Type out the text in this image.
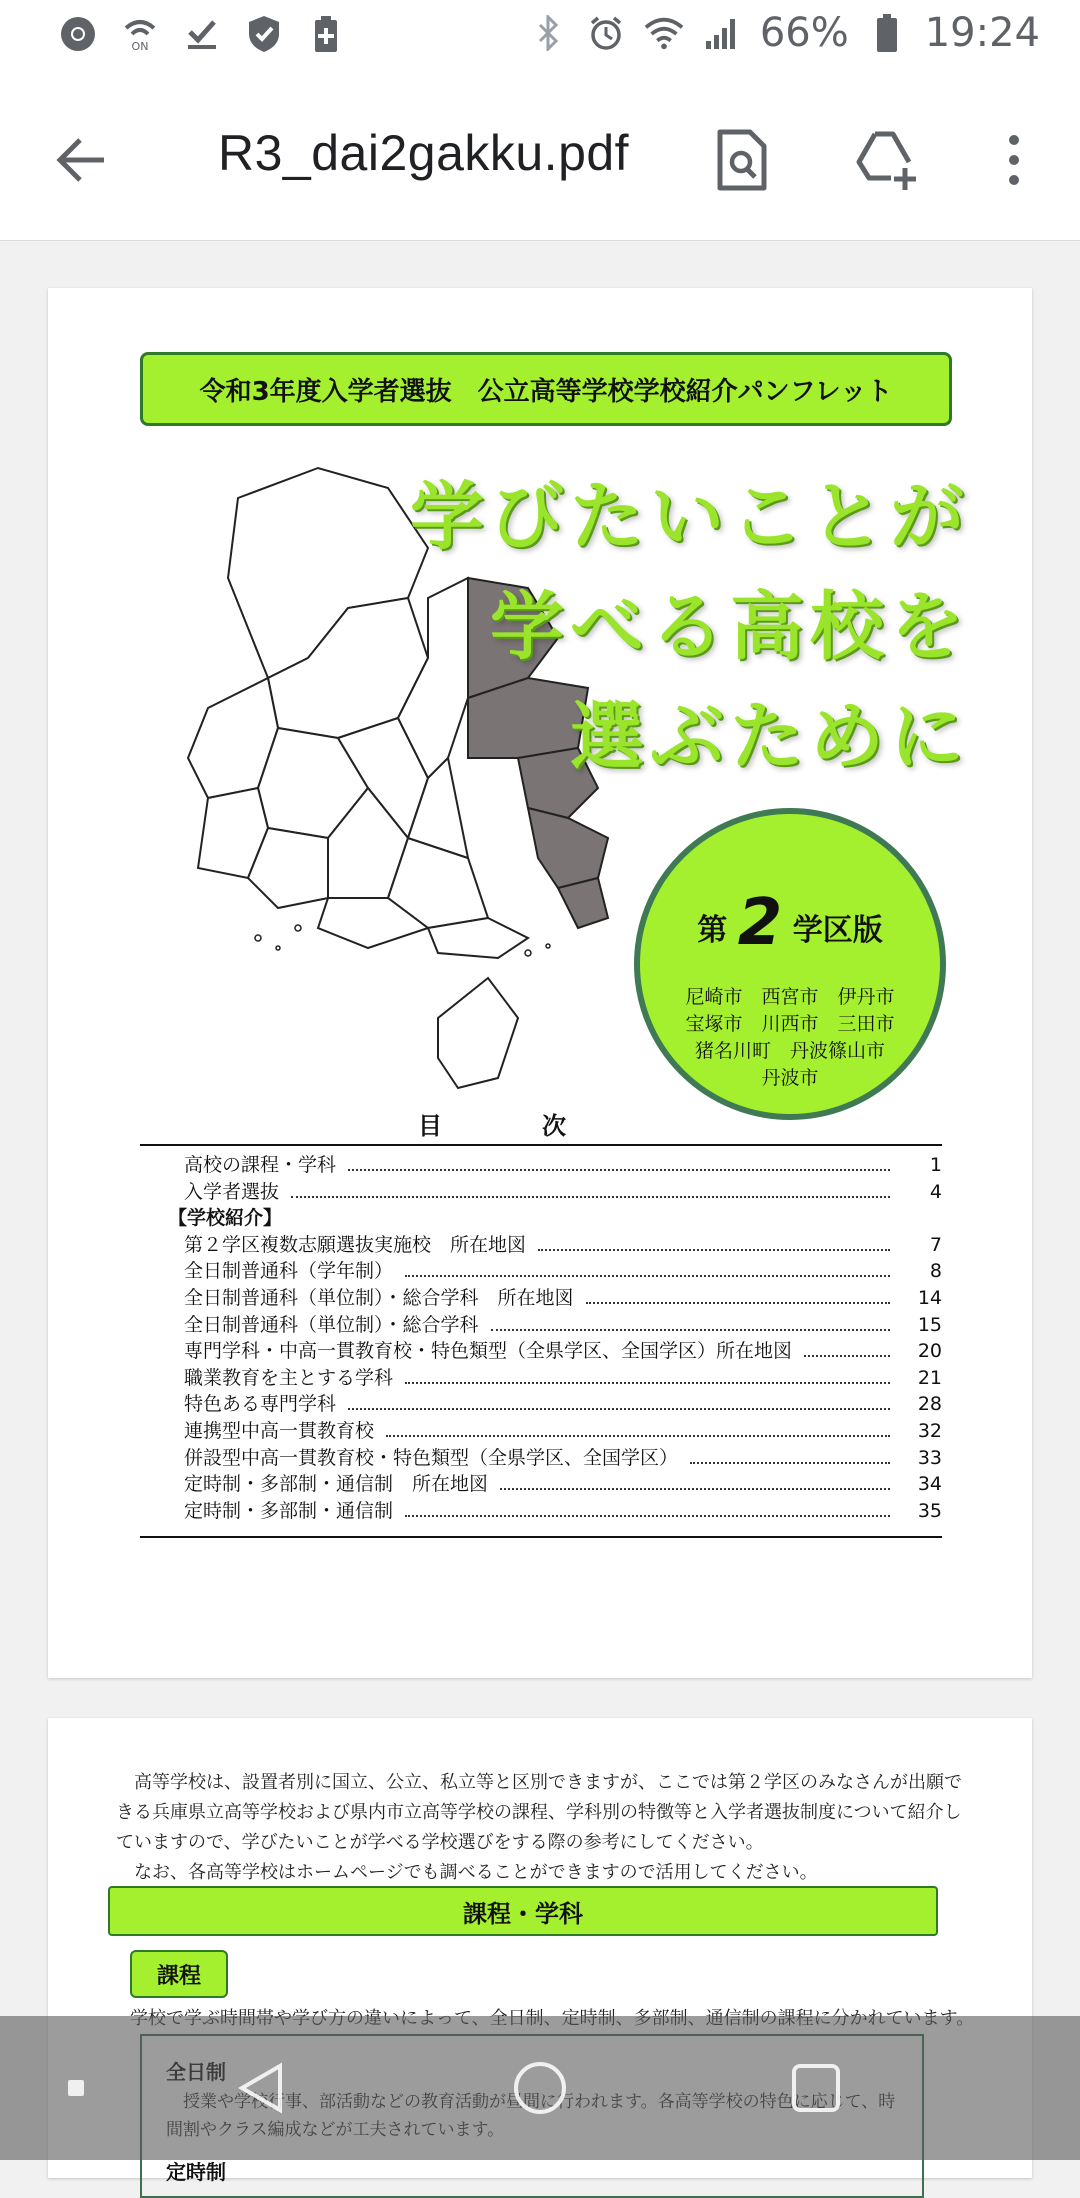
ON	66% 19:24
R3_dai2gakku.pdf
令和3年度入学者選抜　公立高等学校学校紹介パンフレット
学びたいことが
学べる高校を
選ぶために
第 2 学区版
尼崎市　西宮市　伊丹市
宝塚市　川西市　三田市
猪名川町　丹波篠山市
丹波市
目次
高校の課程・学科	1
入学者選抜	4
【学校紹介】
第２学区複数志願選抜実施校　所在地図	7
全日制普通科（学年制）	8
全日制普通科（単位制）・総合学科　所在地図	14
全日制普通科（単位制）・総合学科	15
専門学科・中高一貫教育校・特色類型（全県学区、全国学区）所在地図	20
職業教育を主とする学科	21
特色ある専門学科	28
連携型中高一貫教育校	32
併設型中高一貫教育校・特色類型（全県学区、全国学区）	33
定時制・多部制・通信制　所在地図	34
定時制・多部制・通信制	35
　高等学校は、設置者別に国立、公立、私立等と区別できますが、ここでは第２学区のみなさんが出願できる兵庫県立高等学校および県内市立高等学校の課程、学科別の特徴等と入学者選抜制度について紹介していますので、学びたいことが学べる学校選びをする際の参考にしてください。
　なお、各高等学校はホームページでも調べることができますので活用してください。
課程・学科
課程
定時制
